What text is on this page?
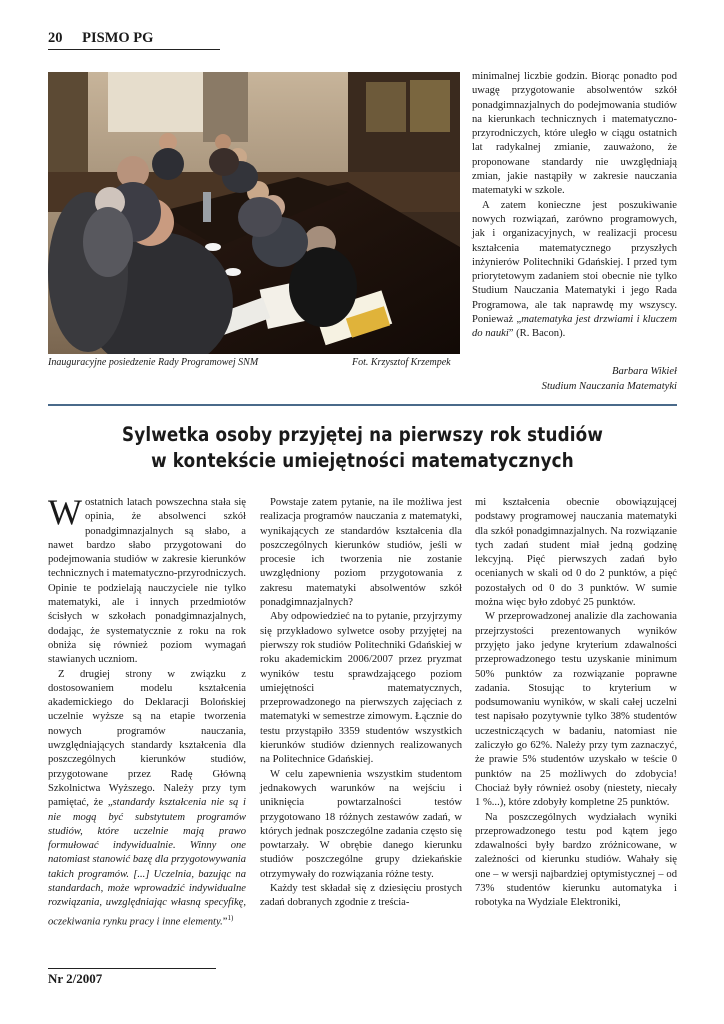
20 PISMO PG
Inauguracyjne posiedzenie Rady Programowej SNM	Fot. Krzysztof Krzempek

minimalnej liczbie godzin. Biorąc ponadto pod uwagę przygotowanie absolwentów szkół ponadgimnazjalnych do podejmowania studiów na kierunkach technicznych i matematyczno-przyrodniczych, które uległo w ciągu ostatnich lat radykalnej zmianie, zauważono, że proponowane standardy nie uwzględniają zmian, jakie nastąpiły w zakresie nauczania matematyki w szkole.

A zatem konieczne jest poszukiwanie nowych rozwiązań, zarówno programowych, jak i organizacyjnych, w realizacji procesu kształcenia matematycznego przyszłych inżynierów Politechniki Gdańskiej. I przed tym priorytetowym zadaniem stoi obecnie nie tylko Studium Nauczania Matematyki i jego Rada Programowa, ale tak naprawdę my wszyscy. Ponieważ „matematyka jest drzwiami i kluczem do nauki” (R. Bacon).

Barbara Wikieł
Studium Nauczania Matematyki
Sylwetka osoby przyjętej na pierwszy rok studiów
w kontekście umiejętności matematycznych

Wostatnich latach powszechna stała się opinia, że absolwenci szkół ponadgimnazjalnych są słabo, a nawet bardzo słabo przygotowani do podejmowania studiów w zakresie kierunków technicznych i matematyczno-przyrodniczych. Opinie te podzielają nauczyciele nie tylko matematyki, ale i innych przedmiotów ścisłych w szkołach ponadgimnazjalnych, dodając, że systematycznie z roku na rok obniża się również poziom wymagań stawianych uczniom.

Z drugiej strony w związku z dostosowaniem modelu kształcenia akademickiego do Deklaracji Bolońskiej uczelnie wyższe są na etapie tworzenia nowych programów nauczania, uwzględniających standardy kształcenia dla poszczególnych kierunków studiów, przygotowane przez Radę Główną Szkolnictwa Wyższego. Należy przy tym pamiętać, że „standardy kształcenia nie są i nie mogą być substytutem programów studiów, które uczelnie mają prawo formułować indywidualnie. Winny one natomiast stanowić bazę dla przygotowywania takich programów. [...] Uczelnia, bazując na standardach, może wprowadzić indywidualne rozwiązania, uwzględniając własną specyfikę, oczekiwania rynku pracy i inne elementy.”$^{1)}$

Powstaje zatem pytanie, na ile możliwa jest realizacja programów nauczania z matematyki, wynikających ze standardów kształcenia dla poszczególnych kierunków studiów, jeśli w procesie ich tworzenia nie zostanie uwzględniony poziom przygotowania z zakresu matematyki absolwentów szkół ponadgimnazjalnych?

Aby odpowiedzieć na to pytanie, przyjrzymy się przykładowo sylwetce osoby przyjętej na pierwszy rok studiów Politechniki Gdańskiej w roku akademickim 2006/2007 przez pryzmat wyników testu sprawdzającego poziom umiejętności matematycznych, przeprowadzonego na pierwszych zajęciach z matematyki w semestrze zimowym. Łącznie do testu przystąpiło 3359 studentów wszystkich kierunków studiów dziennych realizowanych na Politechnice Gdańskiej.

W celu zapewnienia wszystkim studentom jednakowych warunków na wejściu i uniknięcia powtarzalności testów przygotowano 18 różnych zestawów zadań, w których jednak poszczególne zadania często się powtarzały. W obrębie danego kierunku studiów poszczególne grupy dziekańskie otrzymywały do rozwiązania różne testy.

Każdy test składał się z dziesięciu prostych zadań dobranych zgodnie z treścia-

mi kształcenia obecnie obowiązującej podstawy programowej nauczania matematyki dla szkół ponadgimnazjalnych. Na rozwiązanie tych zadań student miał jedną godzinę lekcyjną. Pięć pierwszych zadań było ocenianych w skali od 0 do 2 punktów, a pięć pozostałych od 0 do 3 punktów. W sumie można więc było zdobyć 25 punktów.

W przeprowadzonej analizie dla zachowania przejrzystości prezentowanych wyników przyjęto jako jedyne kryterium zdawalności przeprowadzonego testu uzyskanie minimum 50% punktów za rozwiązanie poprawne zadania. Stosując to kryterium w podsumowaniu wyników, w skali całej uczelni test napisało pozytywnie tylko 38% studentów uczestniczących w badaniu, natomiast nie zaliczyło go 62%. Należy przy tym zaznaczyć, że prawie 5% studentów uzyskało w teście 0 punktów na 25 możliwych do zdobycia! Chociaż były również osoby (niestety, niecały 1 %...), które zdobyły kompletne 25 punktów.

Na poszczególnych wydziałach wyniki przeprowadzonego testu pod kątem jego zdawalności były bardzo zróżnicowane, w zależności od kierunku studiów. Wahały się one – w wersji najbardziej optymistycznej – od 73% studentów kierunku automatyka i robotyka na Wydziale Elektroniki,

Nr 2/2007
